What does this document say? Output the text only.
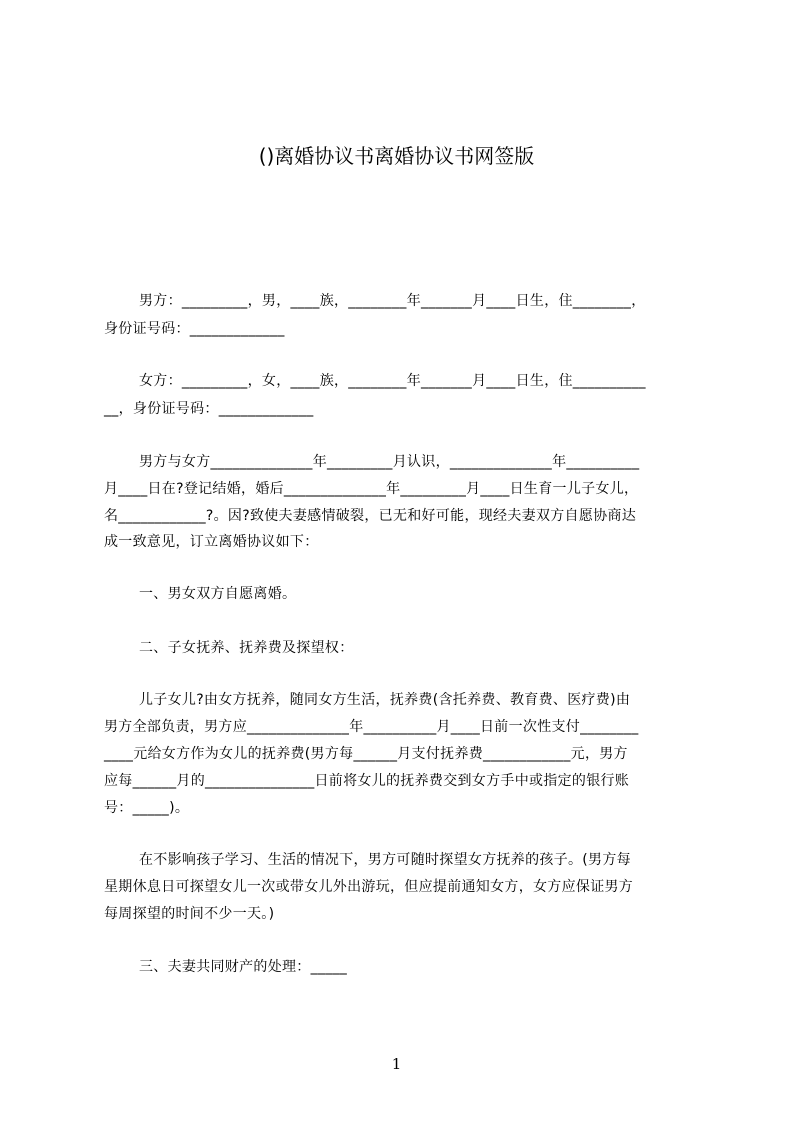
()离婚协议书离婚协议书网签版
男方：_________，男，____族，________年_______月____日生，住________，
身份证号码：_____________
女方：_________，女，____族，________年_______月____日生，住__________
__，身份证号码：_____________
男方与女方______________年_________月认识，______________年__________
月____日在?登记结婚，婚后______________年_________月____日生育一儿子女儿，
名____________?。因?致使夫妻感情破裂，已无和好可能，现经夫妻双方自愿协商达
成一致意见，订立离婚协议如下：
一、男女双方自愿离婚。
二、子女抚养、抚养费及探望权：
儿子女儿?由女方抚养，随同女方生活，抚养费(含托养费、教育费、医疗费)由
男方全部负责，男方应______________年__________月____日前一次性支付________
____元给女方作为女儿的抚养费(男方每______月支付抚养费____________元，男方
应每______月的_______________日前将女儿的抚养费交到女方手中或指定的银行账
号：_____)。
在不影响孩子学习、生活的情况下，男方可随时探望女方抚养的孩子。(男方每
星期休息日可探望女儿一次或带女儿外出游玩，但应提前通知女方，女方应保证男方
每周探望的时间不少一天。)
三、夫妻共同财产的处理：_____
1
